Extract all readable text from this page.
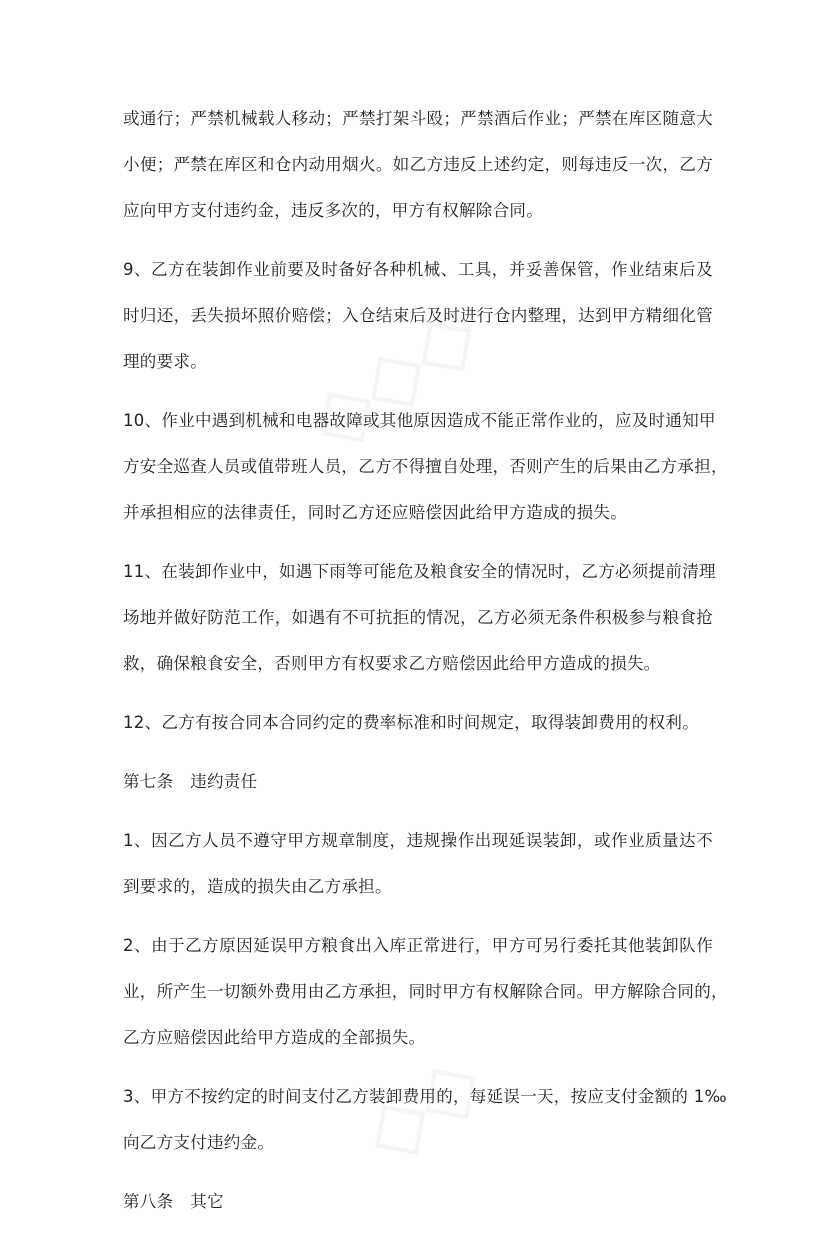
或通行；严禁机械载人移动；严禁打架斗殴；严禁酒后作业；严禁在库区随意大
小便；严禁在库区和仓内动用烟火。如乙方违反上述约定，则每违反一次，乙方
应向甲方支付违约金，违反多次的，甲方有权解除合同。

9、乙方在装卸作业前要及时备好各种机械、工具，并妥善保管，作业结束后及
时归还，丢失损坏照价赔偿；入仓结束后及时进行仓内整理，达到甲方精细化管
理的要求。

10、作业中遇到机械和电器故障或其他原因造成不能正常作业的，应及时通知甲
方安全巡查人员或值带班人员，乙方不得擅自处理，否则产生的后果由乙方承担，
并承担相应的法律责任，同时乙方还应赔偿因此给甲方造成的损失。

11、在装卸作业中，如遇下雨等可能危及粮食安全的情况时，乙方必须提前清理
场地并做好防范工作，如遇有不可抗拒的情况，乙方必须无条件积极参与粮食抢
救，确保粮食安全，否则甲方有权要求乙方赔偿因此给甲方造成的损失。

12、乙方有按合同本合同约定的费率标准和时间规定，取得装卸费用的权利。

第七条　违约责任

1、因乙方人员不遵守甲方规章制度，违规操作出现延误装卸，或作业质量达不
到要求的，造成的损失由乙方承担。

2、由于乙方原因延误甲方粮食出入库正常进行，甲方可另行委托其他装卸队作
业，所产生一切额外费用由乙方承担，同时甲方有权解除合同。甲方解除合同的，
乙方应赔偿因此给甲方造成的全部损失。

3、甲方不按约定的时间支付乙方装卸费用的，每延误一天，按应支付金额的 1‰
向乙方支付违约金。

第八条　其它
